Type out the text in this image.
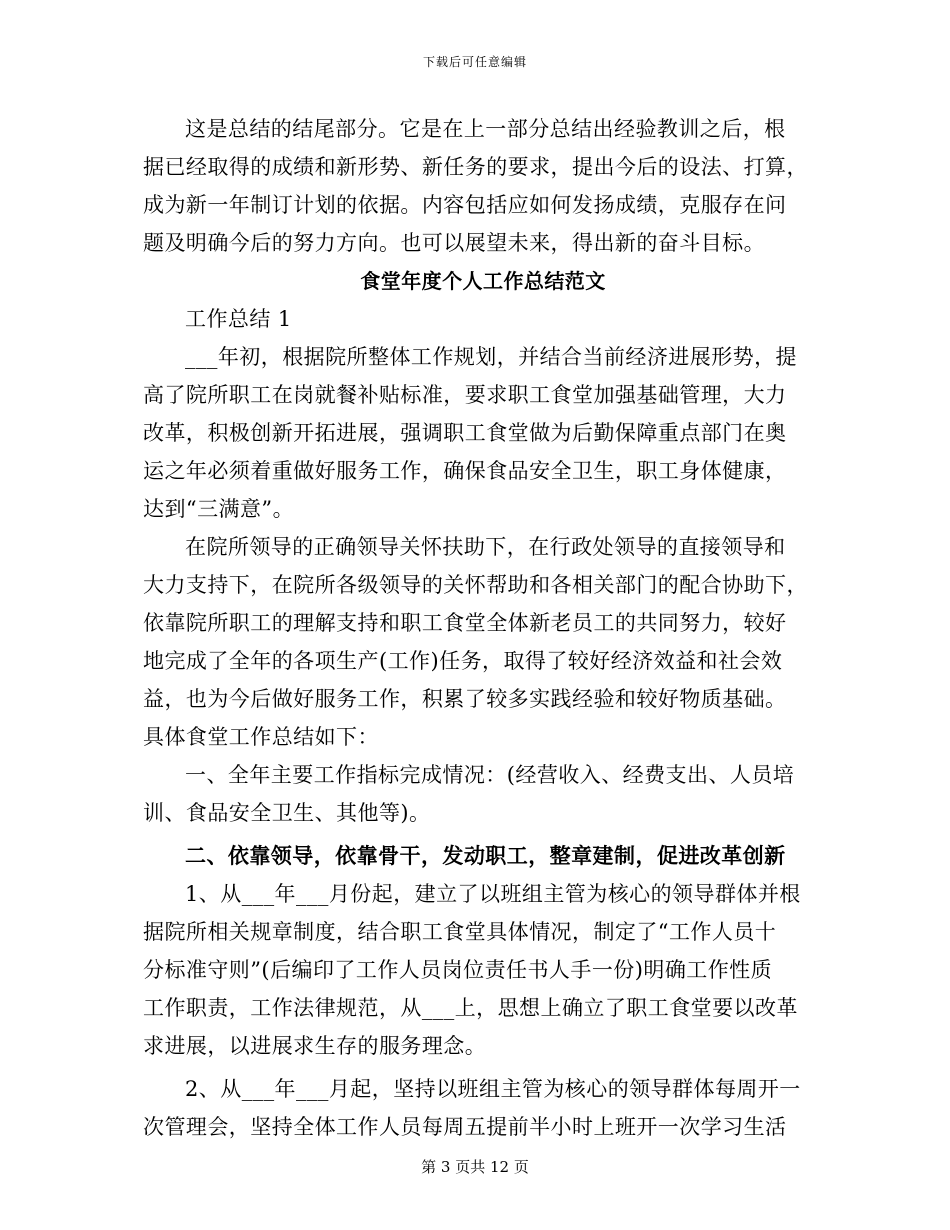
下载后可任意编辑
这是总结的结尾部分。它是在上一部分总结出经验教训之后，根
据已经取得的成绩和新形势、新任务的要求，提出今后的设法、打算，
成为新一年制订计划的依据。内容包括应如何发扬成绩，克服存在问
题及明确今后的努力方向。也可以展望未来，得出新的奋斗目标。
食堂年度个人工作总结范文
工作总结 1
___年初，根据院所整体工作规划，并结合当前经济进展形势，提
高了院所职工在岗就餐补贴标准，要求职工食堂加强基础管理，大力
改革，积极创新开拓进展，强调职工食堂做为后勤保障重点部门在奥
运之年必须着重做好服务工作，确保食品安全卫生，职工身体健康，
达到“三满意”。
在院所领导的正确领导关怀扶助下，在行政处领导的直接领导和
大力支持下，在院所各级领导的关怀帮助和各相关部门的配合协助下，
依靠院所职工的理解支持和职工食堂全体新老员工的共同努力，较好
地完成了全年的各项生产(工作)任务，取得了较好经济效益和社会效
益，也为今后做好服务工作，积累了较多实践经验和较好物质基础。
具体食堂工作总结如下：
一、全年主要工作指标完成情况：(经营收入、经费支出、人员培
训、食品安全卫生、其他等)。
二、依靠领导，依靠骨干，发动职工，整章建制，促进改革创新
1、从___年___月份起，建立了以班组主管为核心的领导群体并根
据院所相关规章制度，结合职工食堂具体情况，制定了“工作人员十
分标准守则”(后编印了工作人员岗位责任书人手一份)明确工作性质
工作职责，工作法律规范，从___上，思想上确立了职工食堂要以改革
求进展，以进展求生存的服务理念。
2、从___年___月起，坚持以班组主管为核心的领导群体每周开一
次管理会，坚持全体工作人员每周五提前半小时上班开一次学习生活
第 3 页共 12 页
